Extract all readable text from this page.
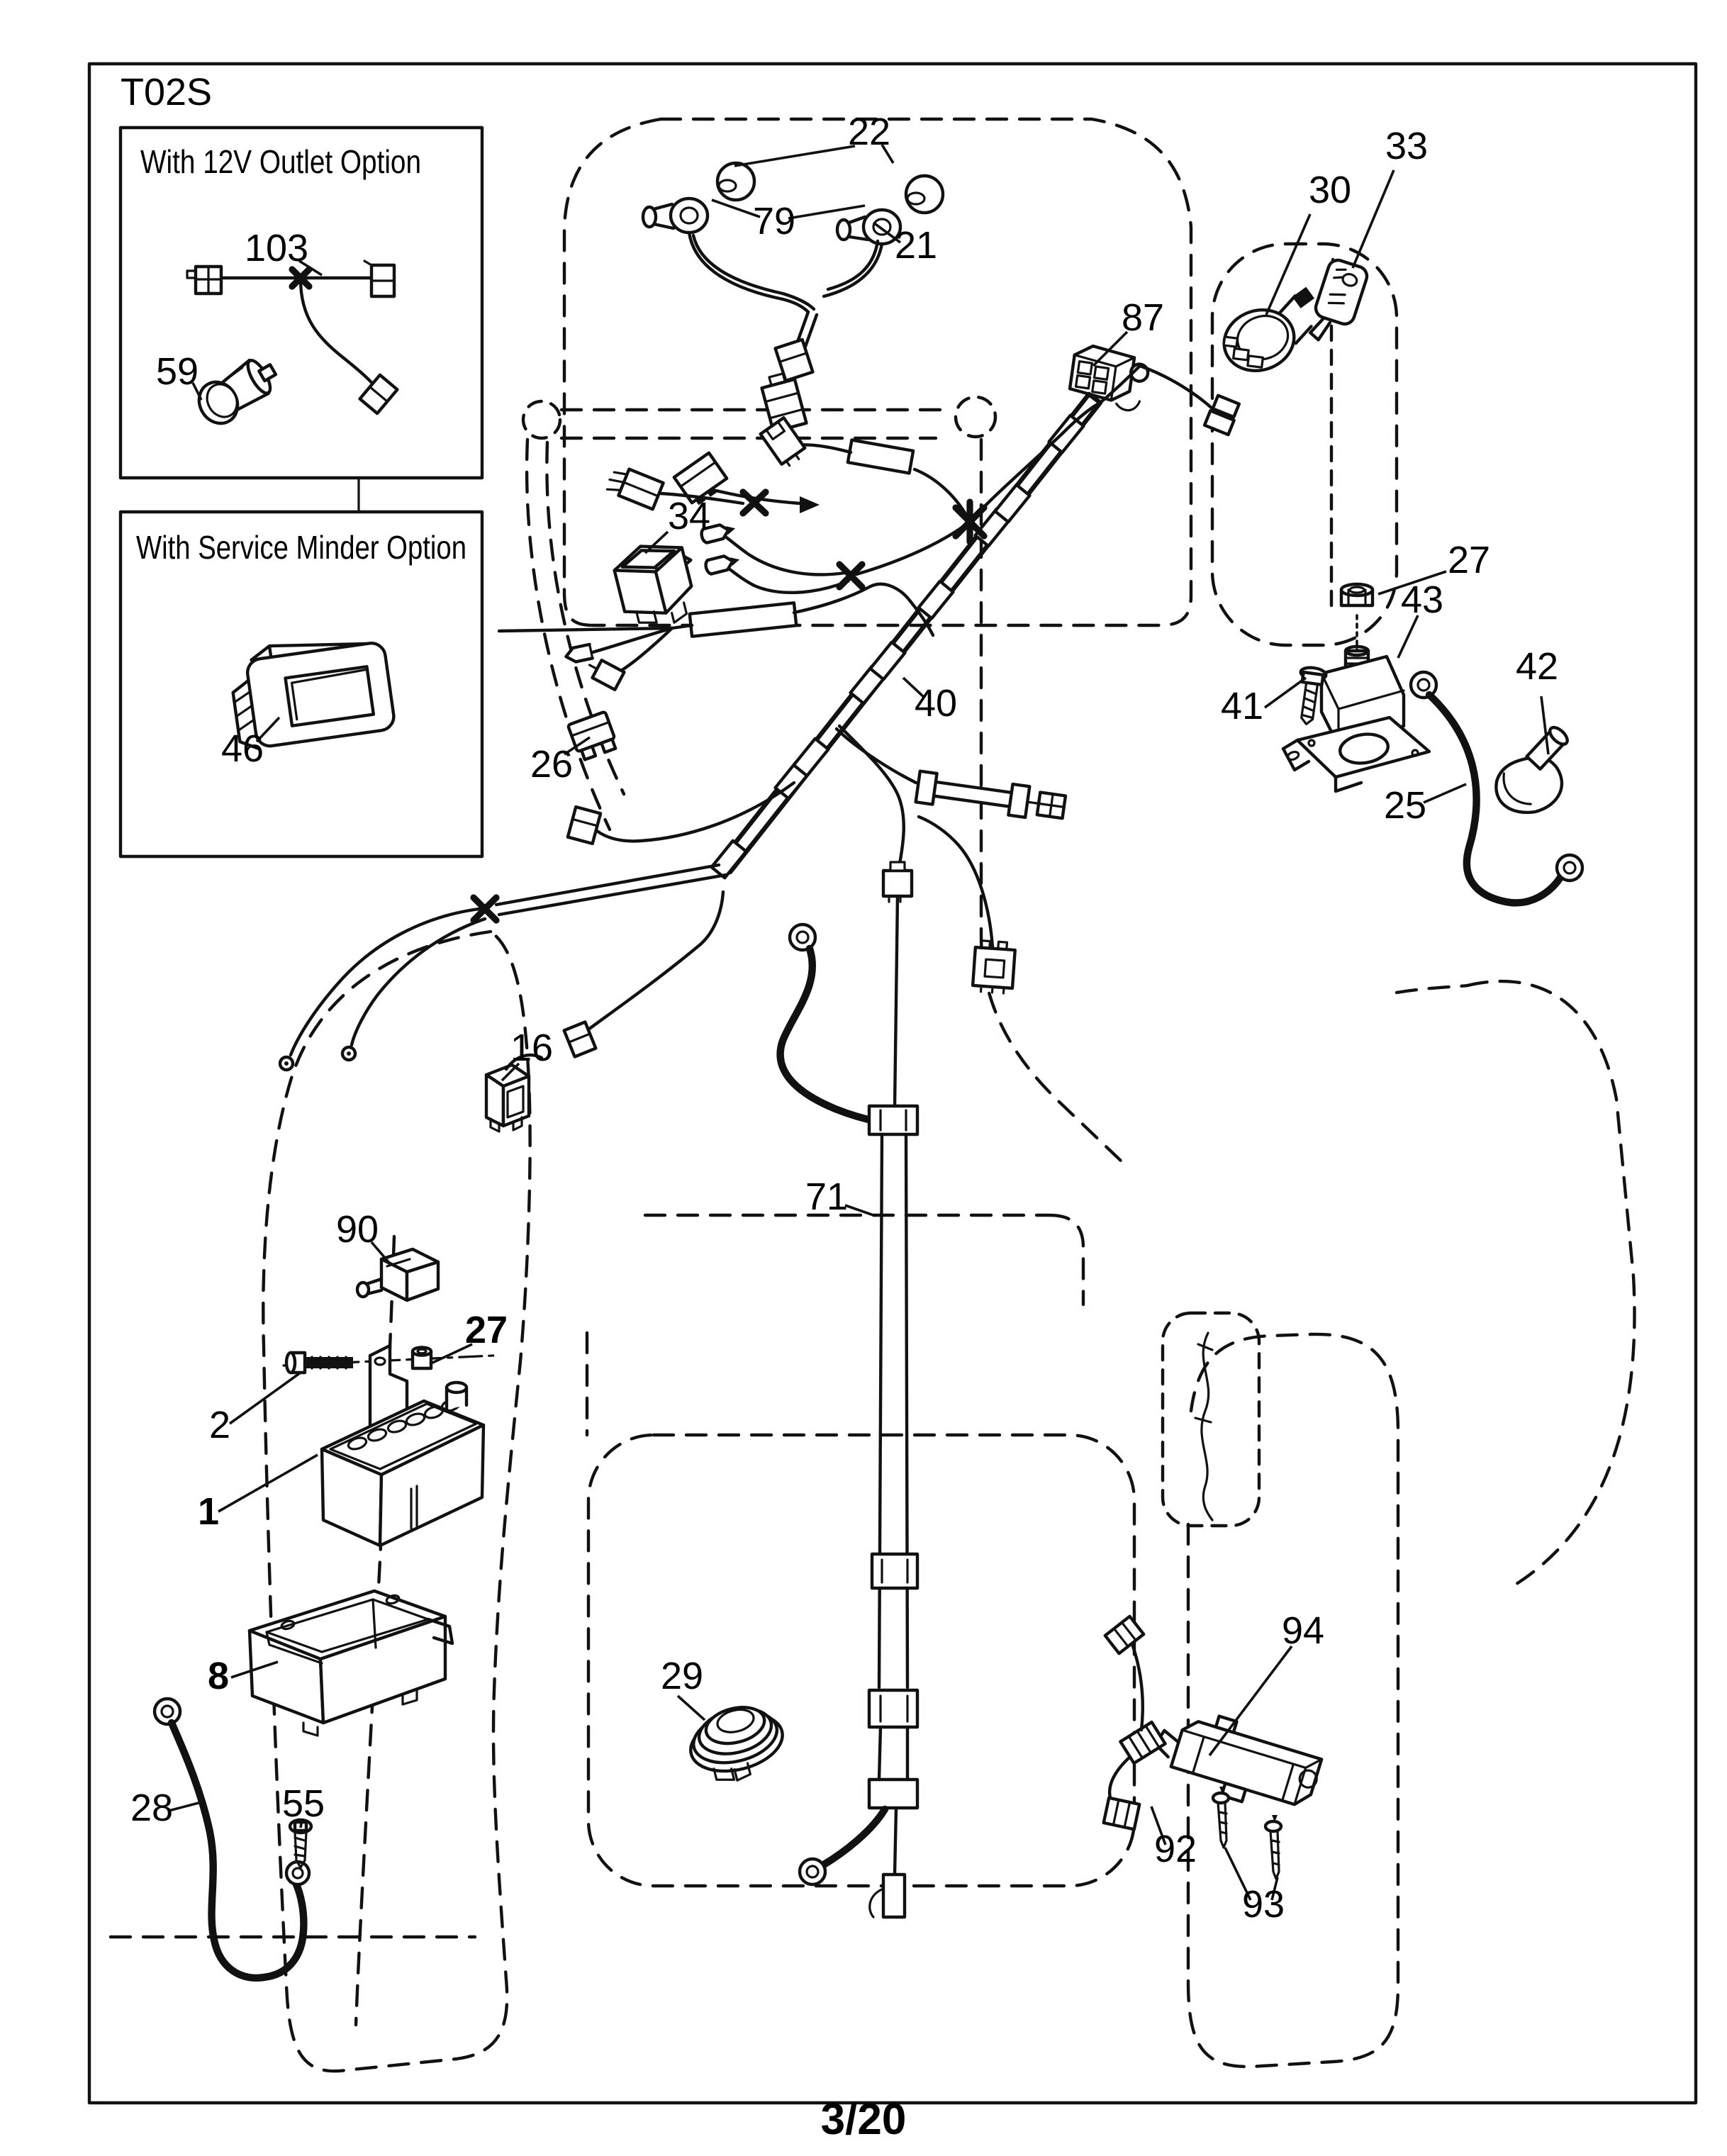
T02S
3/20
With 12V Outlet Option
With Service Minder Option
103
59
46
22
79
21
87
30
33
27
43
41
42
25
34
26
40
16
90
27
2
1
8	29
71
28	55
94
92
93
